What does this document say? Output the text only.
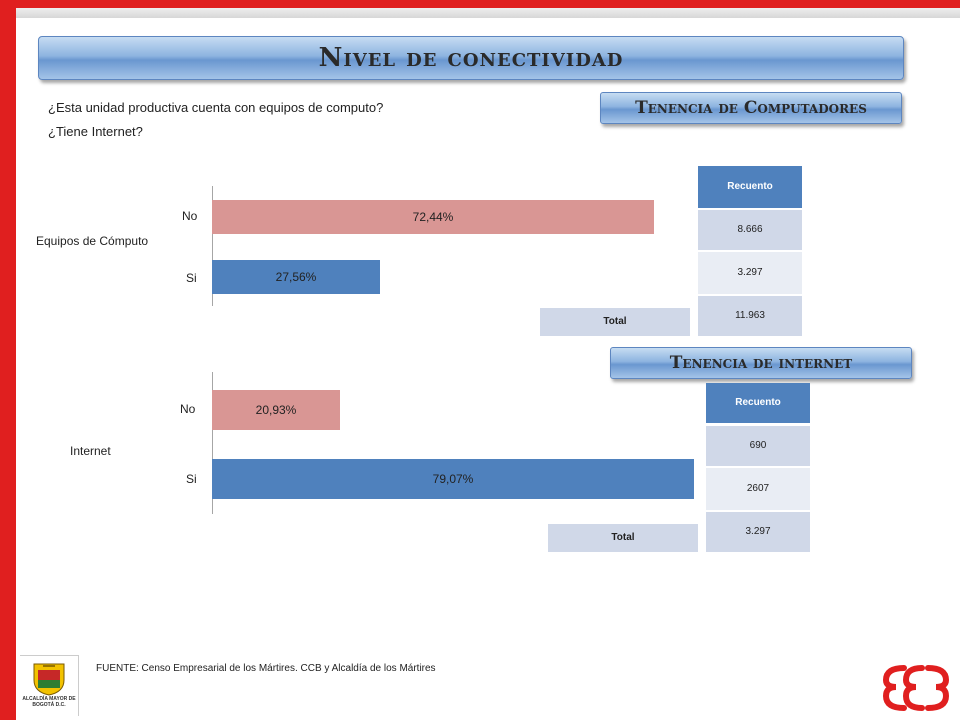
Nivel de conectividad
¿Esta unidad productiva cuenta con equipos de computo?
¿Tiene Internet?
Tenencia de Computadores
Tenencia de internet
No
Si
Equipos de Cómputo
72,44%
27,56%
No
Si
Internet
20,93%
79,07%
Recuento
8.666
3.297
11.963
Total
Recuento
690
2607
3.297
Total
ALCALDÍA MAYOR DE BOGOTÁ D.C.
FUENTE: Censo Empresarial de los Mártires. CCB y Alcaldía de los Mártires
